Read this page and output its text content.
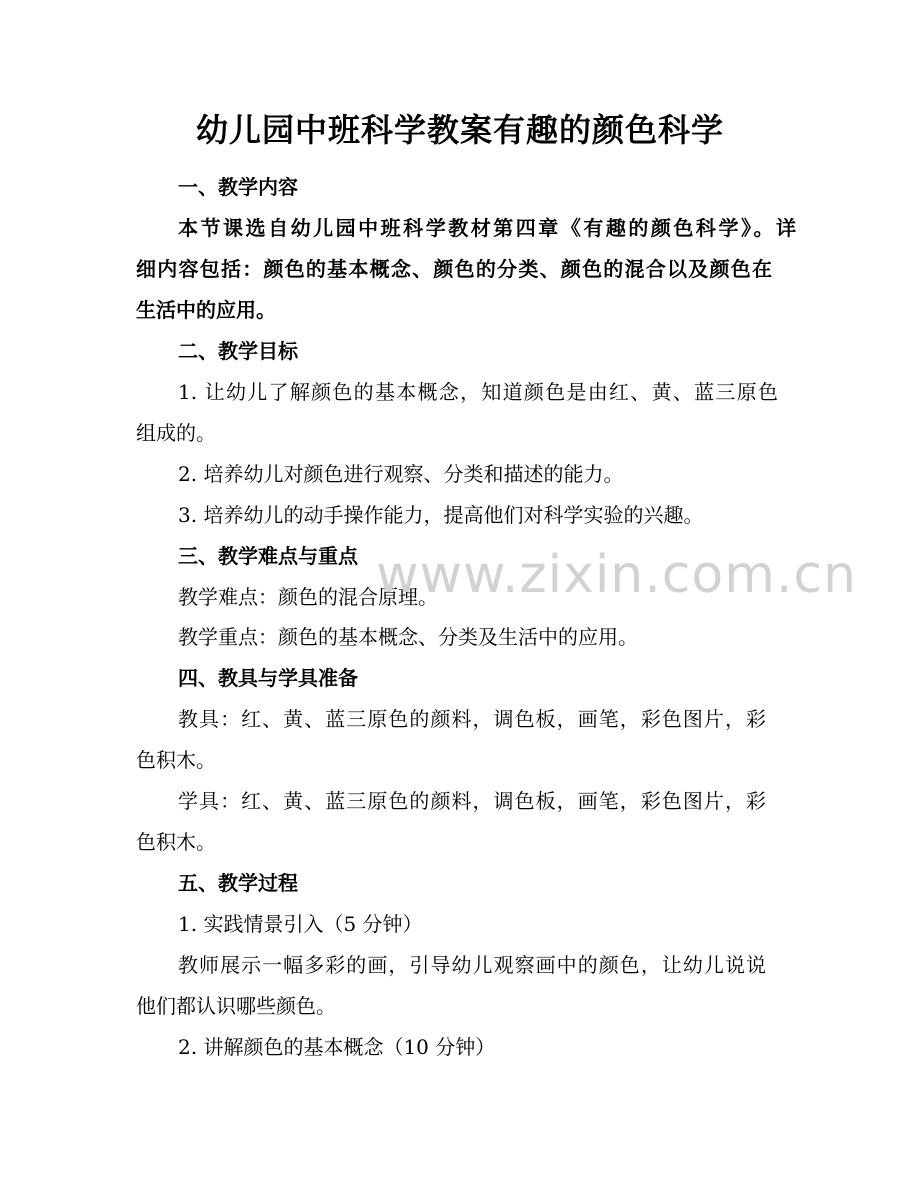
幼儿园中班科学教案有趣的颜色科学
一、教学内容
本节课选自幼儿园中班科学教材第四章《有趣的颜色科学》。详
细内容包括：颜色的基本概念、颜色的分类、颜色的混合以及颜色在
生活中的应用。
二、教学目标
1. 让幼儿了解颜色的基本概念，知道颜色是由红、黄、蓝三原色
组成的。
2. 培养幼儿对颜色进行观察、分类和描述的能力。
3. 培养幼儿的动手操作能力，提高他们对科学实验的兴趣。
三、教学难点与重点
教学难点：颜色的混合原理。
教学重点：颜色的基本概念、分类及生活中的应用。
四、教具与学具准备
教具：红、黄、蓝三原色的颜料，调色板，画笔，彩色图片，彩
色积木。
学具：红、黄、蓝三原色的颜料，调色板，画笔，彩色图片，彩
色积木。
五、教学过程
1. 实践情景引入（5 分钟）
教师展示一幅多彩的画，引导幼儿观察画中的颜色，让幼儿说说
他们都认识哪些颜色。
2. 讲解颜色的基本概念（10 分钟）
www.zixin.com.cn
